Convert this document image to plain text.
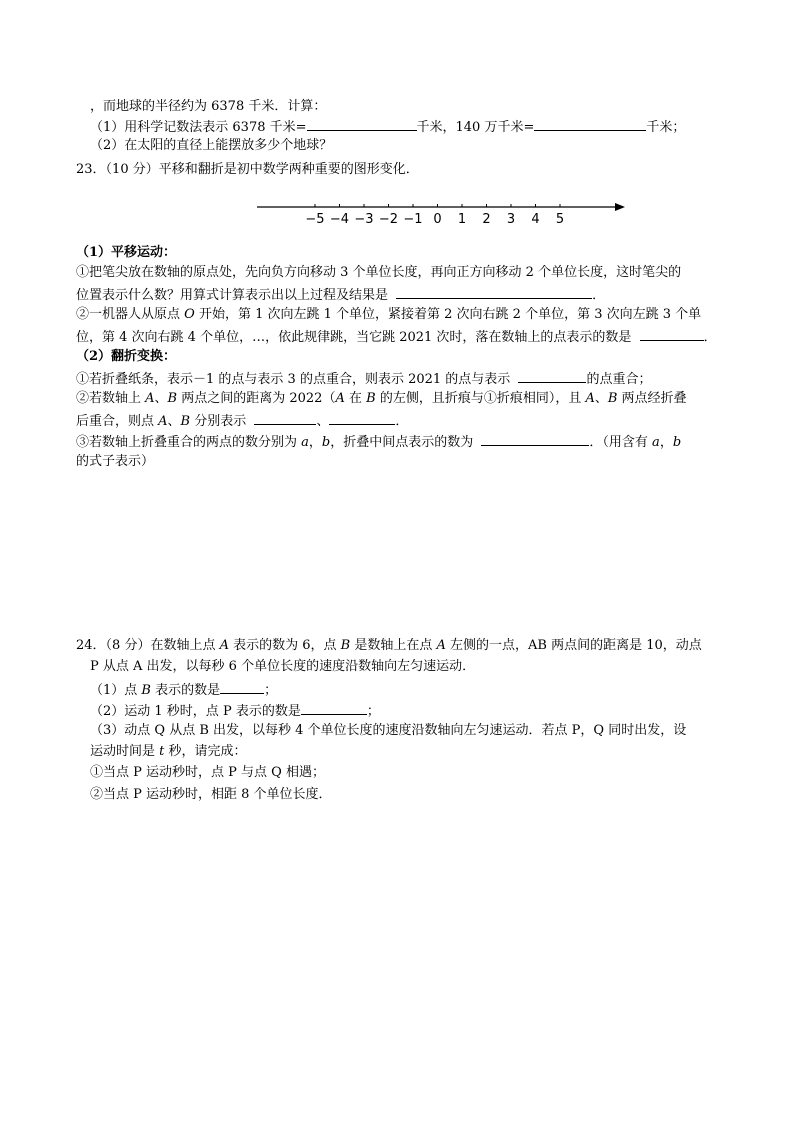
，而地球的半径约为 6378 千米．计算：
（1）用科学记数法表示 6378 千米=	千米，140 万千米=	千米；
（2）在太阳的直径上能摆放多少个地球？
23．（10 分）平移和翻折是初中数学两种重要的图形变化．
−5 −4 −3 −2 −1 0 1 2 3 4 5
（1）平移运动：
①把笔尖放在数轴的原点处，先向负方向移动 3 个单位长度，再向正方向移动 2 个单位长度，这时笔尖的
位置表示什么数？用算式计算表示出以上过程及结果是	．
②一机器人从原点 O 开始，第 1 次向左跳 1 个单位，紧接着第 2 次向右跳 2 个单位，第 3 次向左跳 3 个单
位，第 4 次向右跳 4 个单位，…，依此规律跳，当它跳 2021 次时，落在数轴上的点表示的数是	．
（2）翻折变换：
①若折叠纸条，表示－1 的点与表示 3 的点重合，则表示 2021 的点与表示	的点重合；
②若数轴上 A、B 两点之间的距离为 2022（A 在 B 的左侧，且折痕与①折痕相同），且 A、B 两点经折叠
后重合，则点 A、B 分别表示	、	．
③若数轴上折叠重合的两点的数分别为 a，b，折叠中间点表示的数为	．（用含有 a，b
的式子表示）
24．（8 分）在数轴上点 A 表示的数为 6，点 B 是数轴上在点 A 左侧的一点，AB 两点间的距离是 10，动点
P 从点 A 出发，以每秒 6 个单位长度的速度沿数轴向左匀速运动．
（1）点 B 表示的数是	；
（2）运动 1 秒时，点 P 表示的数是	；
（3）动点 Q 从点 B 出发，以每秒 4 个单位长度的速度沿数轴向左匀速运动．若点 P，Q 同时出发，设
运动时间是 t 秒，请完成：
①当点 P 运动秒时，点 P 与点 Q 相遇；
②当点 P 运动秒时，相距 8 个单位长度．
